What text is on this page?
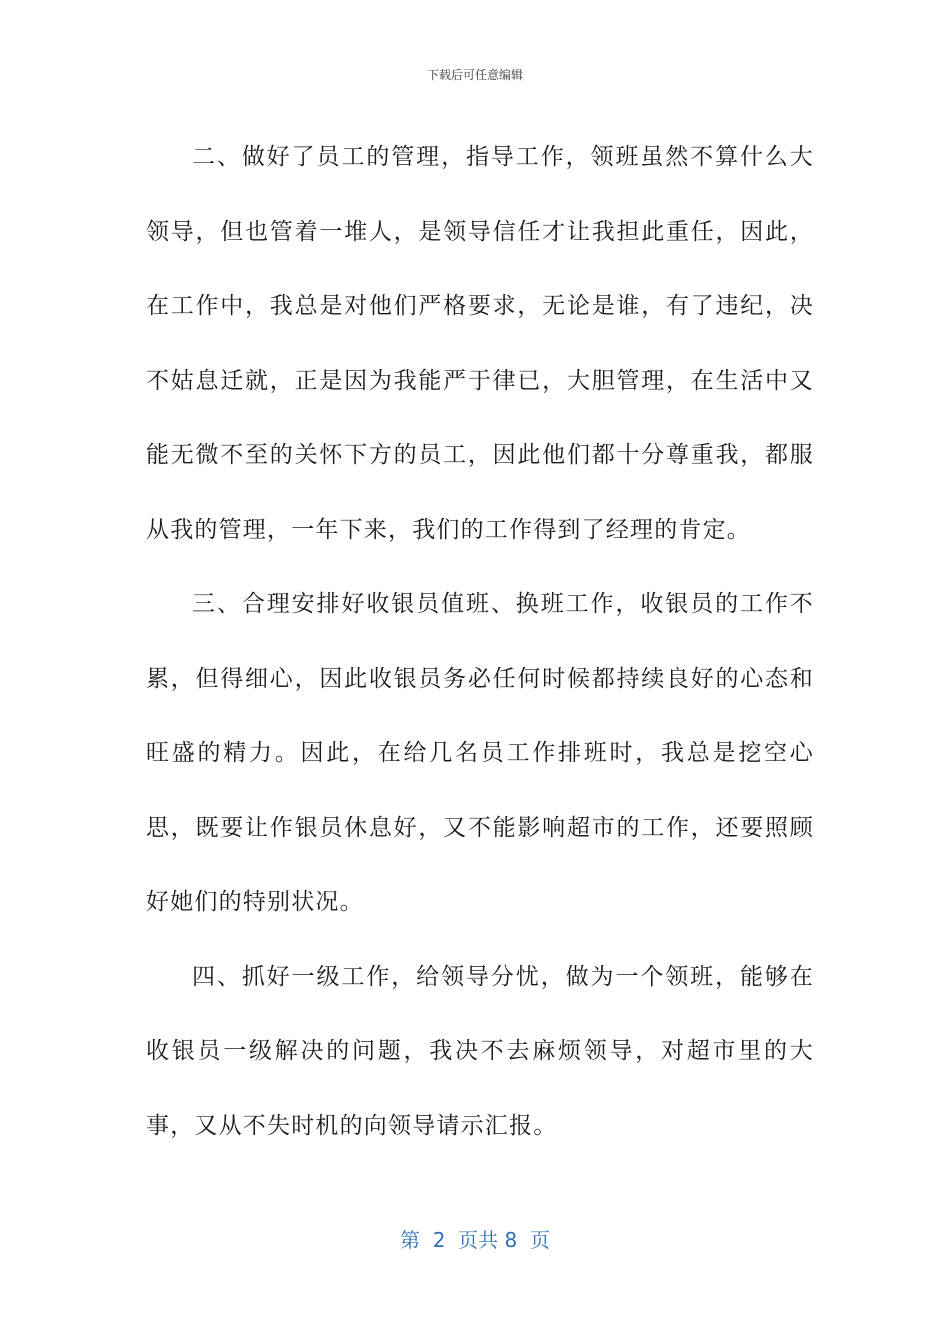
下载后可任意编辑

二、做好了员工的管理，指导工作，领班虽然不算什么大领导，但也管着一堆人，是领导信任才让我担此重任，因此，在工作中，我总是对他们严格要求，无论是谁，有了违纪，决不姑息迁就，正是因为我能严于律已，大胆管理，在生活中又能无微不至的关怀下方的员工，因此他们都十分尊重我，都服从我的管理，一年下来，我们的工作得到了经理的肯定。

三、合理安排好收银员值班、换班工作，收银员的工作不累，但得细心，因此收银员务必任何时候都持续良好的心态和旺盛的精力。因此，在给几名员工作排班时，我总是挖空心思，既要让作银员休息好，又不能影响超市的工作，还要照顾好她们的特别状况。

四、抓好一级工作，给领导分忧，做为一个领班，能够在收银员一级解决的问题，我决不去麻烦领导，对超市里的大事，又从不失时机的向领导请示汇报。

第  2  页共 8  页
